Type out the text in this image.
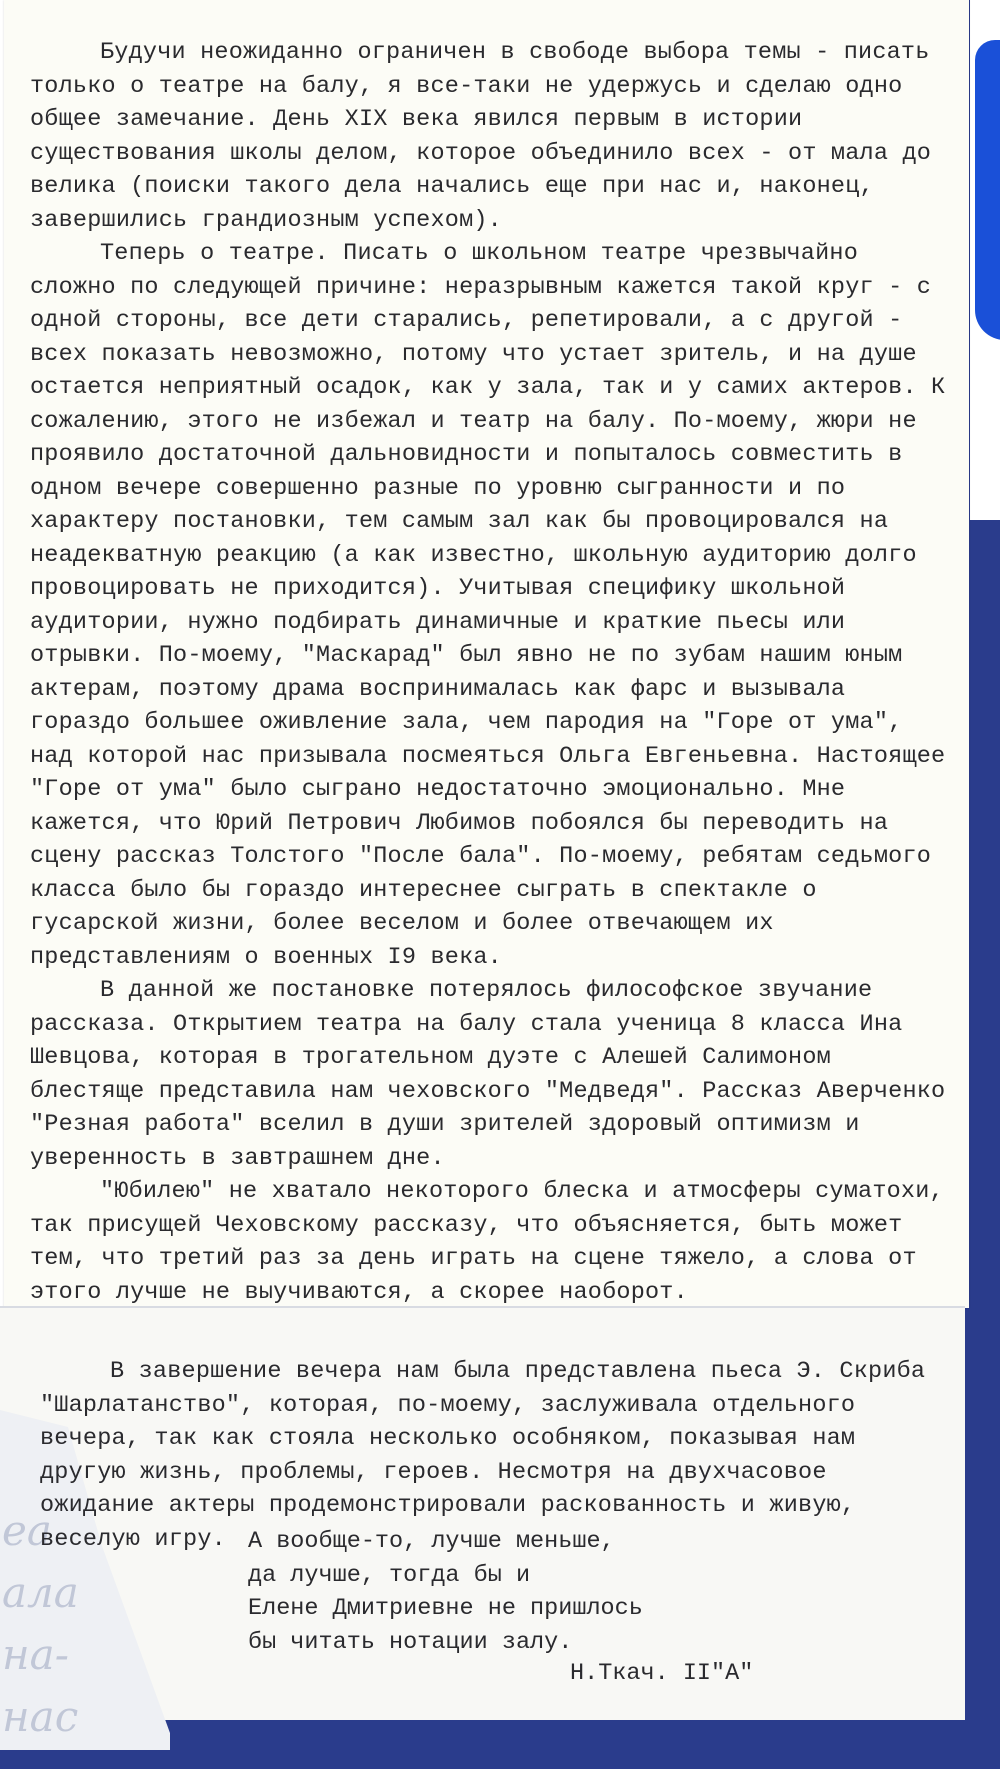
еа
ала
на-
нас

Будучи неожиданно ограничен в свободе выбора темы - писать только о театре на балу, я все-таки не удержусь и сделаю одно общее замечание. День XIX века явился первым в истории существования школы делом, которое объединило всех - от мала до велика (поиски такого дела начались еще при нас и, наконец, завершились грандиозным успехом).

Теперь о театре. Писать о школьном театре чрезвычайно сложно по следующей причине: неразрывным кажется такой круг - с одной стороны, все дети старались, репетировали, а с другой - всех показать невозможно, потому что устает зритель, и на душе остается неприятный осадок, как у зала, так и у самих актеров. К сожалению, этого не избежал и театр на балу. По-моему, жюри не проявило достаточной дальновидности и попыталось совместить в одном вечере совершенно разные по уровню сыгранности и по характеру постановки, тем самым зал как бы провоцировался на неадекватную реакцию (а как известно, школьную аудиторию долго провоцировать не приходится). Учитывая специфику школьной аудитории, нужно подбирать динамичные и краткие пьесы или отрывки. По-моему, "Маскарад" был явно не по зубам нашим юным актерам, поэтому драма воспринималась как фарс и вызывала гораздо большее оживление зала, чем пародия на "Горе от ума", над которой нас призывала посмеяться Ольга Евгеньевна. Настоящее "Горе от ума" было сыграно недостаточно эмоционально. Мне кажется, что Юрий Петрович Любимов побоялся бы переводить на сцену рассказ Толстого "После бала". По-моему, ребятам седьмого класса было бы гораздо интереснее сыграть в спектакле о гусарской жизни, более веселом и более отвечающем их представлениям о военных I9 века.

В данной же постановке потерялось философское звучание рассказа. Открытием театра на балу стала ученица 8 класса Ина Шевцова, которая в трогательном дуэте с Алешей Салимоном блестяще представила нам чеховского "Медведя". Рассказ Аверченко "Резная работа" вселил в души зрителей здоровый оптимизм и уверенность в завтрашнем дне.

"Юбилею" не хватало некоторого блеска и атмосферы суматохи, так присущей Чеховскому рассказу, что объясняется, быть может тем, что третий раз за день играть на сцене тяжело, а слова от этого лучше не выучиваются, а скорее наоборот.

В завершение вечера нам была представлена пьеса Э. Скриба "Шарлатанство", которая, по-моему, заслуживала отдельного вечера, так как стояла несколько особняком, показывая нам другую жизнь, проблемы, героев. Несмотря на двухчасовое ожидание актеры продемонстрировали раскованность и живую, веселую игру. А вообще-то, лучше меньше,
да лучше, тогда бы и
Елене Дмитриевне не пришлось
бы читать нотации залу.
Н.Ткач. II"А"
